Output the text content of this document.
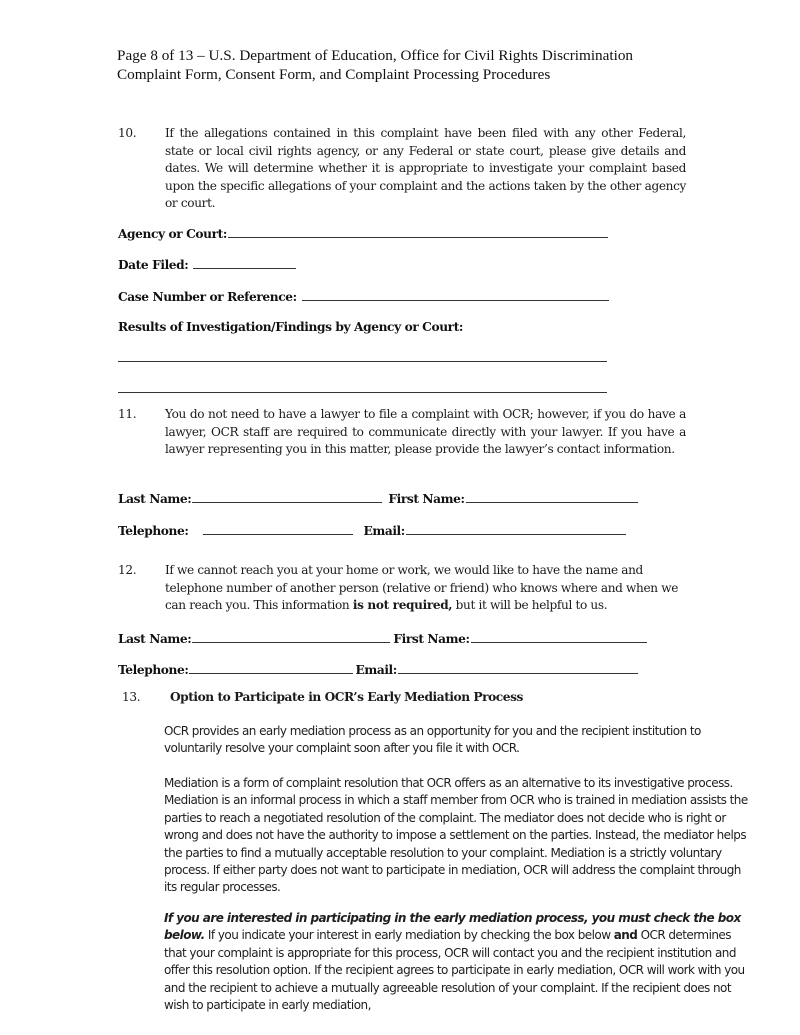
Page 8 of 13 – U.S. Department of Education, Office for Civil Rights Discrimination
Complaint Form, Consent Form, and Complaint Processing Procedures
10.	If the allegations contained in this complaint have been filed with any other Federal, state or local civil rights agency, or any Federal or state court, please give details and dates. We will determine whether it is appropriate to investigate your complaint based upon the specific allegations of your complaint and the actions taken by the other agency or court.
Agency or Court:
Date Filed:
Case Number or Reference:
Results of Investigation/Findings by Agency or Court:
11.	You do not need to have a lawyer to file a complaint with OCR; however, if you do have a lawyer, OCR staff are required to communicate directly with your lawyer. If you have a lawyer representing you in this matter, please provide the lawyer’s contact information.
Last Name:	First Name:
Telephone:	Email:
12.	If we cannot reach you at your home or work, we would like to have the name and telephone number of another person (relative or friend) who knows where and when we can reach you. This information is not required, but it will be helpful to us.
Last Name:	First Name:
Telephone:	Email:
13. Option to Participate in OCR’s Early Mediation Process
OCR provides an early mediation process as an opportunity for you and the recipient institution to voluntarily resolve your complaint soon after you file it with OCR.
Mediation is a form of complaint resolution that OCR offers as an alternative to its investigative process. Mediation is an informal process in which a staff member from OCR who is trained in mediation assists the parties to reach a negotiated resolution of the complaint. The mediator does not decide who is right or wrong and does not have the authority to impose a settlement on the parties. Instead, the mediator helps the parties to find a mutually acceptable resolution to your complaint. Mediation is a strictly voluntary process. If either party does not want to participate in mediation, OCR will address the complaint through its regular processes.
If you are interested in participating in the early mediation process, you must check the box below. If you indicate your interest in early mediation by checking the box below and OCR determines that your complaint is appropriate for this process, OCR will contact you and the recipient institution and offer this resolution option. If the recipient agrees to participate in early mediation, OCR will work with you and the recipient to achieve a mutually agreeable resolution of your complaint. If the recipient does not wish to participate in early mediation,
